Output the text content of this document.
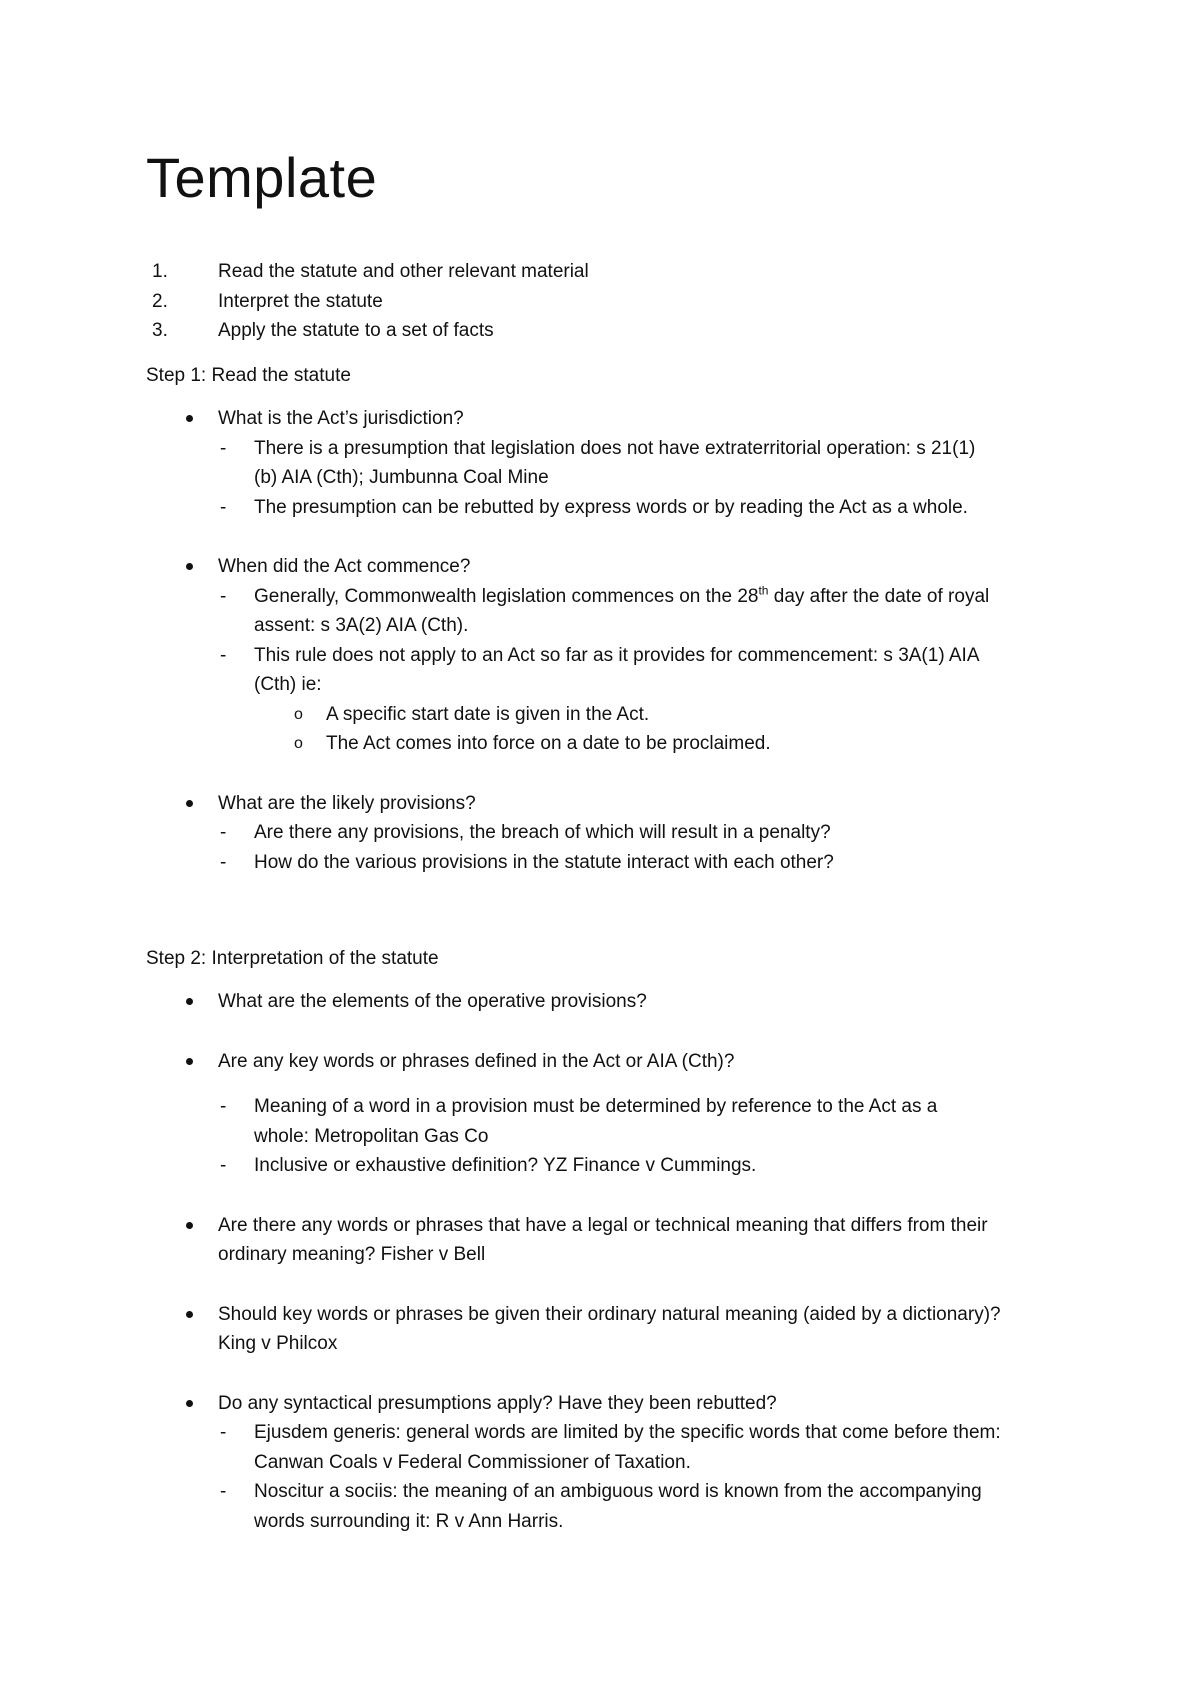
Template
1.	Read the statute and other relevant material
2.	Interpret the statute
3.	Apply the statute to a set of facts
Step 1: Read the statute
What is the Act’s jurisdiction?
- There is a presumption that legislation does not have extraterritorial operation: s 21(1)
(b) AIA (Cth); Jumbunna Coal Mine
- The presumption can be rebutted by express words or by reading the Act as a whole.
When did the Act commence?
- Generally, Commonwealth legislation commences on the 28th day after the date of royal
assent: s 3A(2) AIA (Cth).
- This rule does not apply to an Act so far as it provides for commencement: s 3A(1) AIA
(Cth) ie:
o A specific start date is given in the Act.
o The Act comes into force on a date to be proclaimed.
What are the likely provisions?
- Are there any provisions, the breach of which will result in a penalty?
- How do the various provisions in the statute interact with each other?
Step 2: Interpretation of the statute
What are the elements of the operative provisions?
Are any key words or phrases defined in the Act or AIA (Cth)?
- Meaning of a word in a provision must be determined by reference to the Act as a
whole: Metropolitan Gas Co
- Inclusive or exhaustive definition? YZ Finance v Cummings.
Are there any words or phrases that have a legal or technical meaning that differs from their
ordinary meaning? Fisher v Bell
Should key words or phrases be given their ordinary natural meaning (aided by a dictionary)?
King v Philcox
Do any syntactical presumptions apply? Have they been rebutted?
- Ejusdem generis: general words are limited by the specific words that come before them:
Canwan Coals v Federal Commissioner of Taxation.
- Noscitur a sociis: the meaning of an ambiguous word is known from the accompanying
words surrounding it: R v Ann Harris.
